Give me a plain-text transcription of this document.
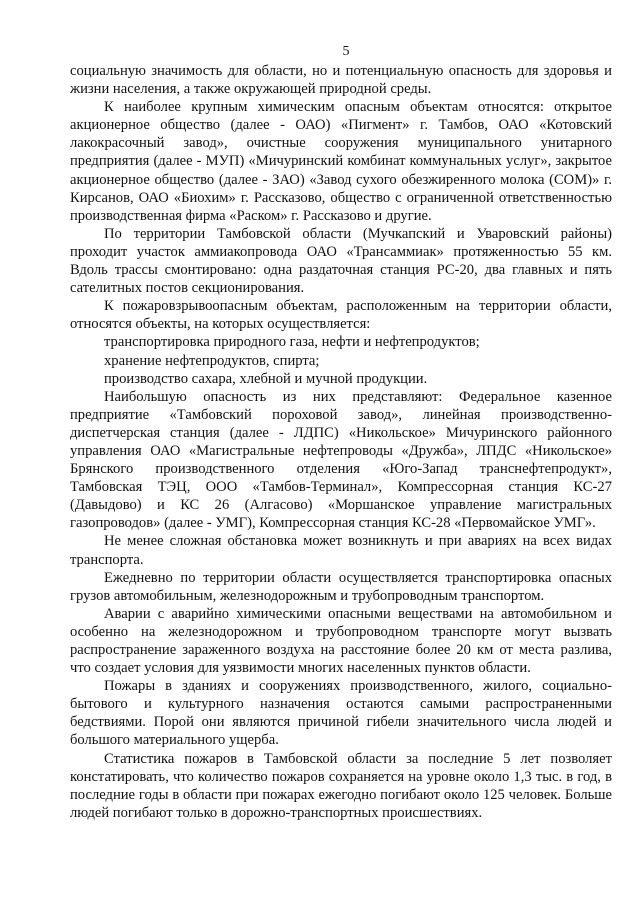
5

социальную значимость для области, но и потенциальную опасность для здоровья и жизни населения, а также окружающей природной среды.

К наиболее крупным химическим опасным объектам относятся: открытое акционерное общество (далее - ОАО) «Пигмент» г. Тамбов, ОАО «Котовский лакокрасочный завод», очистные сооружения муниципального унитарного предприятия (далее - МУП) «Мичуринский комбинат коммунальных услуг», закрытое акционерное общество (далее - ЗАО) «Завод сухого обезжиренного молока (СОМ)» г. Кирсанов, ОАО «Биохим» г. Рассказово, общество с ограниченной ответственностью производственная фирма «Раском» г. Рассказово и другие.

По территории Тамбовской области (Мучкапский и Уваровский районы) проходит участок аммиакопровода ОАО «Трансаммиак» протяженностью 55 км. Вдоль трассы смонтировано: одна раздаточная станция РС-20, два главных и пять сателитных постов секционирования.

К пожаровзрывоопасным объектам, расположенным на территории области, относятся объекты, на которых осуществляется:

транспортировка природного газа, нефти и нефтепродуктов;

хранение нефтепродуктов, спирта;

производство сахара, хлебной и мучной продукции.

Наибольшую опасность из них представляют: Федеральное казенное предприятие «Тамбовский пороховой завод», линейная производственно-диспетчерская станция (далее - ЛДПС) «Никольское» Мичуринского районного управления ОАО «Магистральные нефтепроводы «Дружба», ЛПДС «Никольское» Брянского производственного отделения «Юго-Запад транснефтепродукт», Тамбовская ТЭЦ, ООО «Тамбов-Терминал», Компрессорная станция КС-27 (Давыдово) и КС 26 (Алгасово) «Моршанское управление магистральных газопроводов» (далее - УМГ), Компрессорная станция КС-28 «Первомайское УМГ».

Не менее сложная обстановка может возникнуть и при авариях на всех видах транспорта.

Ежедневно по территории области осуществляется транспортировка опасных грузов автомобильным, железнодорожным и трубопроводным транспортом.

Аварии с аварийно химическими опасными веществами на автомобильном и особенно на железнодорожном и трубопроводном транспорте могут вызвать распространение зараженного воздуха на расстояние более 20 км от места разлива, что создает условия для уязвимости многих населенных пунктов области.

Пожары в зданиях и сооружениях производственного, жилого, социально-бытового и культурного назначения остаются самыми распространенными бедствиями. Порой они являются причиной гибели значительного числа людей и большого материального ущерба.

Статистика пожаров в Тамбовской области за последние 5 лет позволяет констатировать, что количество пожаров сохраняется на уровне около 1,3 тыс. в год, в последние годы в области при пожарах ежегодно погибают около 125 человек. Больше людей погибают только в дорожно-транспортных происшествиях.
